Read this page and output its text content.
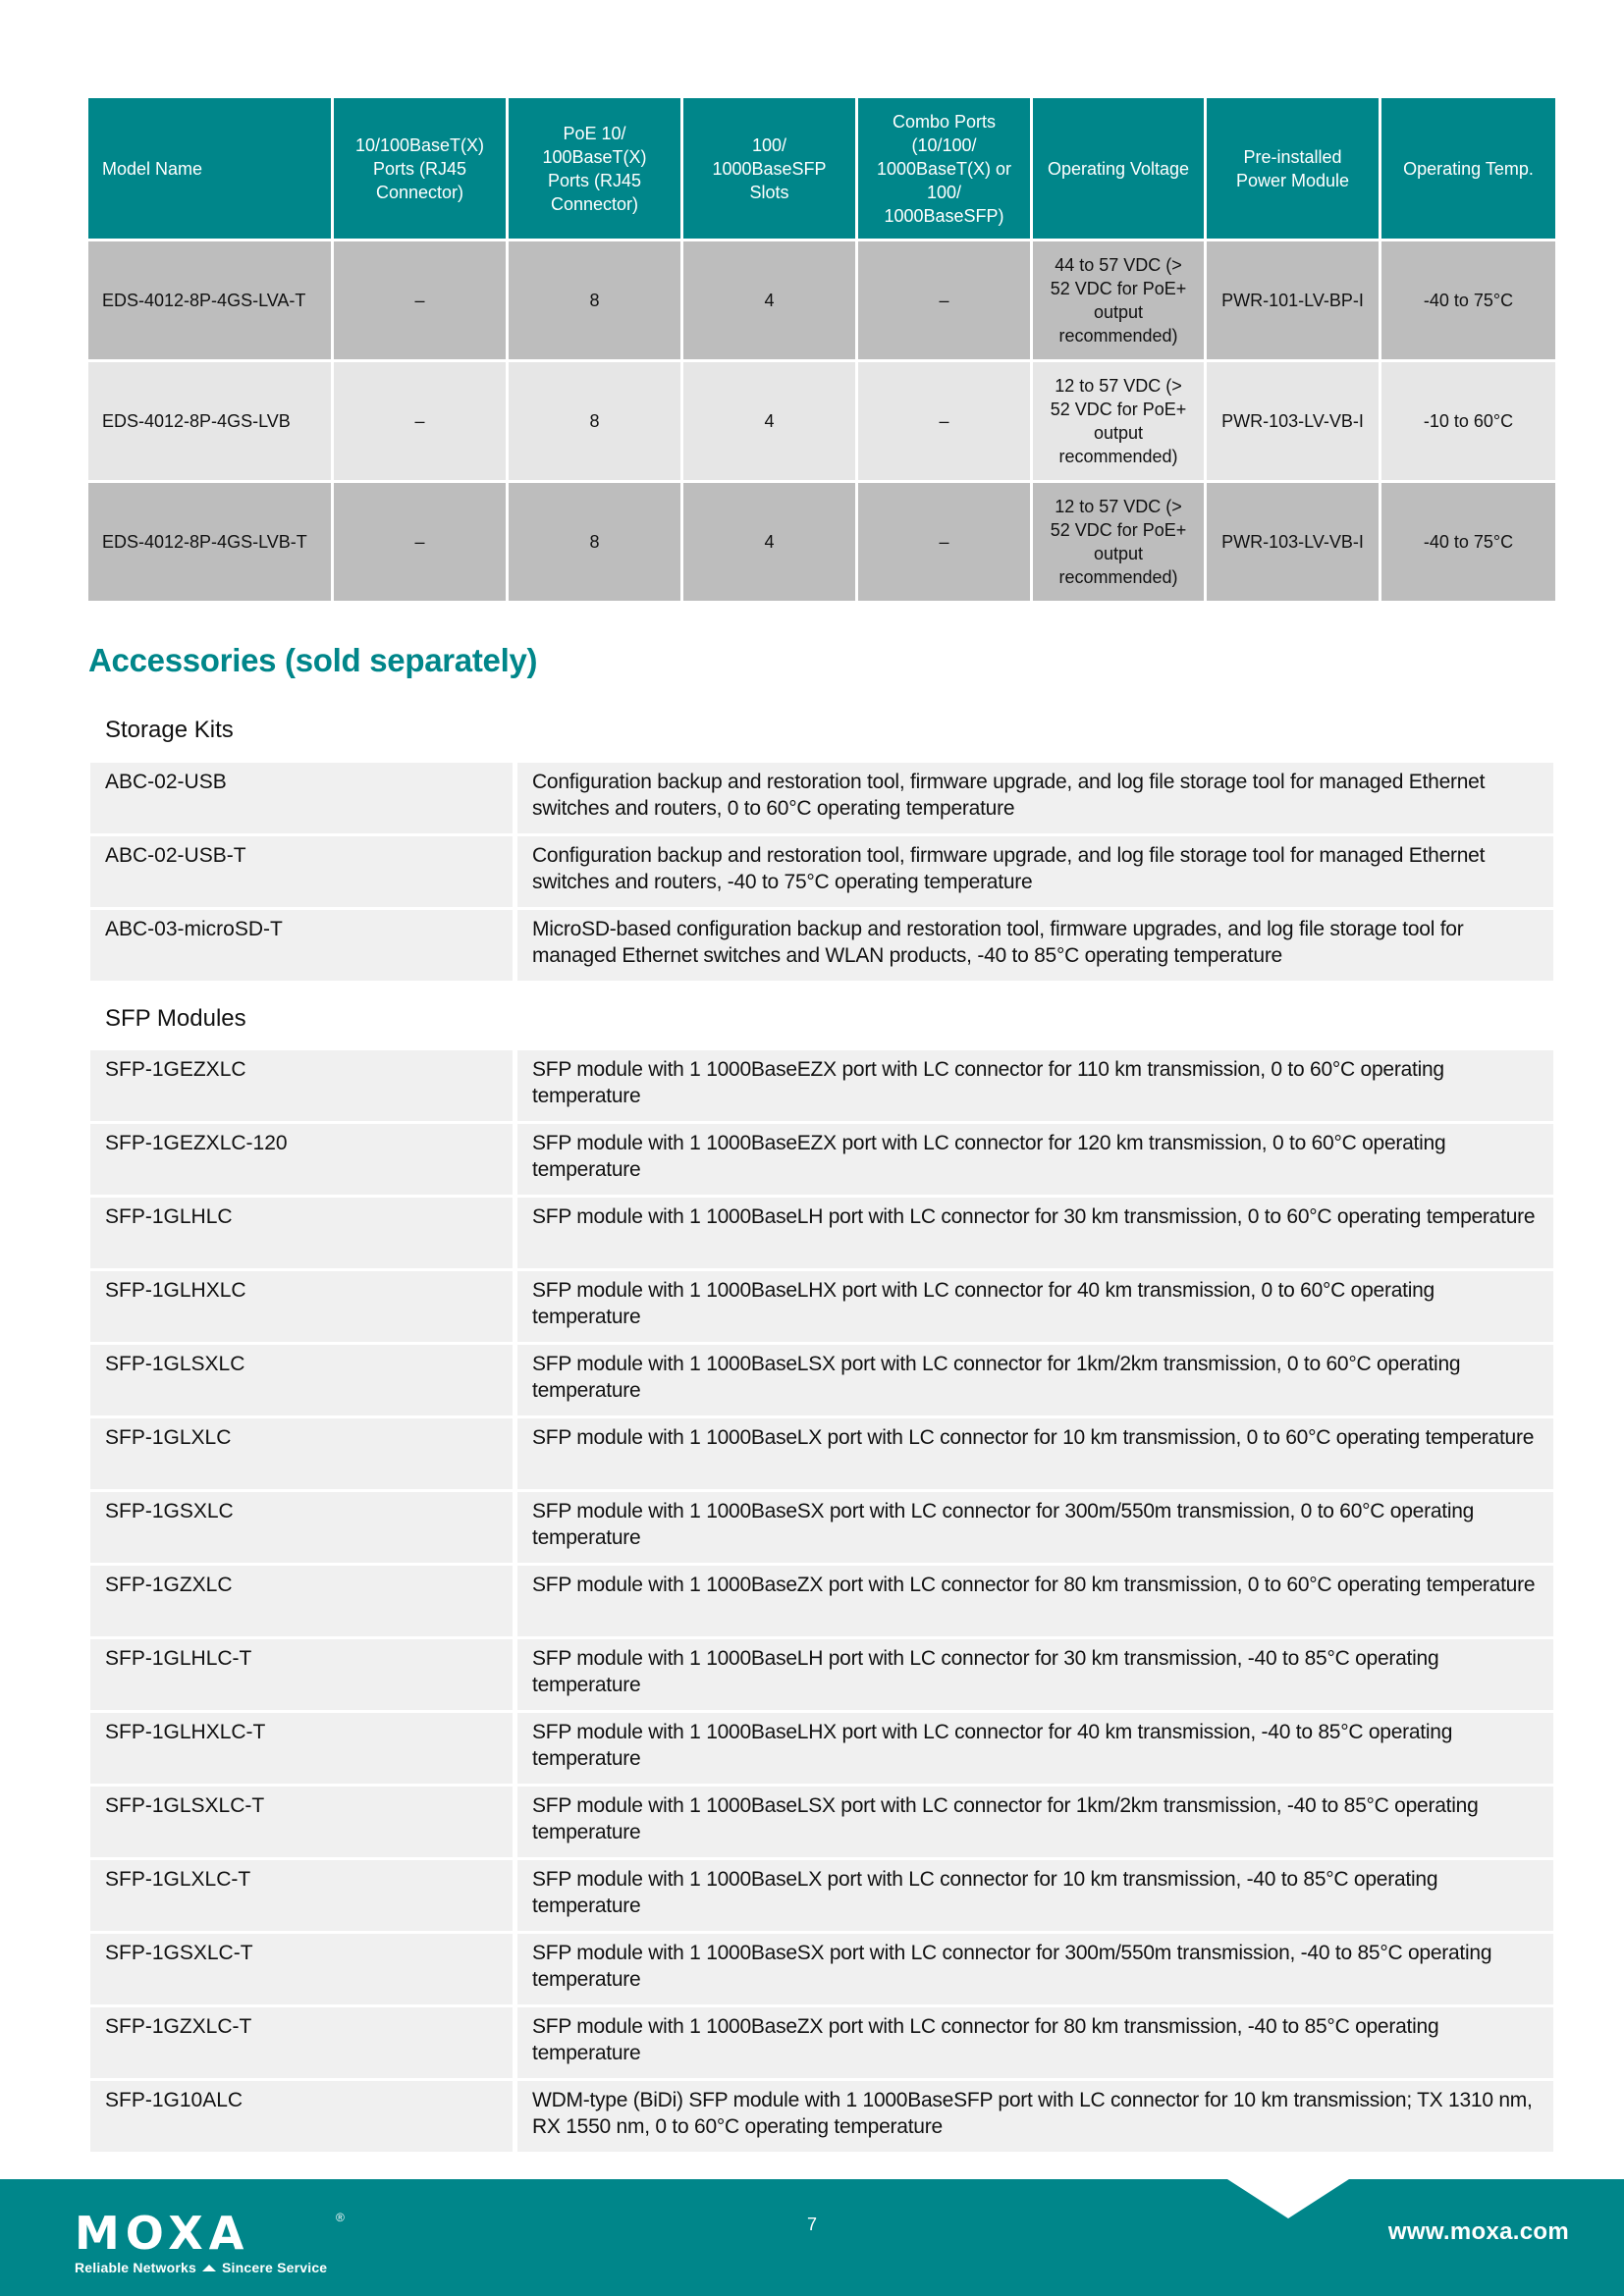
Model Name	10/100BaseT(X) Ports (RJ45 Connector)	PoE 10/ 100BaseT(X) Ports (RJ45 Connector)	100/ 1000BaseSFP Slots	Combo Ports (10/100/ 1000BaseT(X) or 100/ 1000BaseSFP)	Operating Voltage	Pre-installed Power Module	Operating Temp.
EDS-4012-8P-4GS-LVA-T	–	8	4	–	44 to 57 VDC (> 52 VDC for PoE+ output recommended)	PWR-101-LV-BP-I	-40 to 75°C
EDS-4012-8P-4GS-LVB	–	8	4	–	12 to 57 VDC (> 52 VDC for PoE+ output recommended)	PWR-103-LV-VB-I	-10 to 60°C
EDS-4012-8P-4GS-LVB-T	–	8	4	–	12 to 57 VDC (> 52 VDC for PoE+ output recommended)	PWR-103-LV-VB-I	-40 to 75°C
Accessories (sold separately)
Storage Kits
ABC-02-USB	Configuration backup and restoration tool, firmware upgrade, and log file storage tool for managed Ethernet switches and routers, 0 to 60°C operating temperature
ABC-02-USB-T	Configuration backup and restoration tool, firmware upgrade, and log file storage tool for managed Ethernet switches and routers, -40 to 75°C operating temperature
ABC-03-microSD-T	MicroSD-based configuration backup and restoration tool, firmware upgrades, and log file storage tool for managed Ethernet switches and WLAN products, -40 to 85°C operating temperature
SFP Modules
SFP-1GEZXLC	SFP module with 1 1000BaseEZX port with LC connector for 110 km transmission, 0 to 60°C operating temperature
SFP-1GEZXLC-120	SFP module with 1 1000BaseEZX port with LC connector for 120 km transmission, 0 to 60°C operating temperature
SFP-1GLHLC	SFP module with 1 1000BaseLH port with LC connector for 30 km transmission, 0 to 60°C operating temperature
SFP-1GLHXLC	SFP module with 1 1000BaseLHX port with LC connector for 40 km transmission, 0 to 60°C operating temperature
SFP-1GLSXLC	SFP module with 1 1000BaseLSX port with LC connector for 1km/2km transmission, 0 to 60°C operating temperature
SFP-1GLXLC	SFP module with 1 1000BaseLX port with LC connector for 10 km transmission, 0 to 60°C operating temperature
SFP-1GSXLC	SFP module with 1 1000BaseSX port with LC connector for 300m/550m transmission, 0 to 60°C operating temperature
SFP-1GZXLC	SFP module with 1 1000BaseZX port with LC connector for 80 km transmission, 0 to 60°C operating temperature
SFP-1GLHLC-T	SFP module with 1 1000BaseLH port with LC connector for 30 km transmission, -40 to 85°C operating temperature
SFP-1GLHXLC-T	SFP module with 1 1000BaseLHX port with LC connector for 40 km transmission, -40 to 85°C operating temperature
SFP-1GLSXLC-T	SFP module with 1 1000BaseLSX port with LC connector for 1km/2km transmission, -40 to 85°C operating temperature
SFP-1GLXLC-T	SFP module with 1 1000BaseLX port with LC connector for 10 km transmission, -40 to 85°C operating temperature
SFP-1GSXLC-T	SFP module with 1 1000BaseSX port with LC connector for 300m/550m transmission, -40 to 85°C operating temperature
SFP-1GZXLC-T	SFP module with 1 1000BaseZX port with LC connector for 80 km transmission, -40 to 85°C operating temperature
SFP-1G10ALC	WDM-type (BiDi) SFP module with 1 1000BaseSFP port with LC connector for 10 km transmission; TX 1310 nm, RX 1550 nm, 0 to 60°C operating temperature
MOXA	®
Reliable Networks Sincere Service
7	www.moxa.com
